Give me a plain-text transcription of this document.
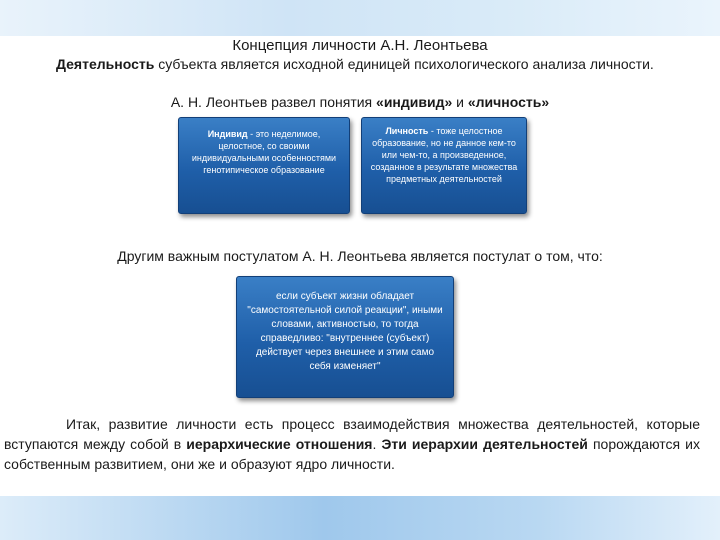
Концепция личности А.Н. Леонтьева
Деятельность субъекта является исходной единицей психологического анализа личности.
А. Н. Леонтьев развел понятия «индивид» и «личность»
Индивид - это неделимое, целостное, со своими индивидуальными особенностями генотипическое образование
Личность - тоже целостное образование, но не данное кем-то или чем-то, а произведенное, созданное в результате множества предметных деятельностей
Другим важным постулатом А. Н. Леонтьева является постулат о том, что:
если субъект жизни обладает "самостоятельной силой реакции", иными словами, активностью, то тогда справедливо: "внутреннее (субъект) действует через внешнее и этим само себя изменяет"
Итак, развитие личности есть процесс взаимодействия множества деятельностей, которые вступаются между собой в иерархические отношения. Эти иерархии деятельностей порождаются их собственным развитием, они же и образуют ядро личности.
